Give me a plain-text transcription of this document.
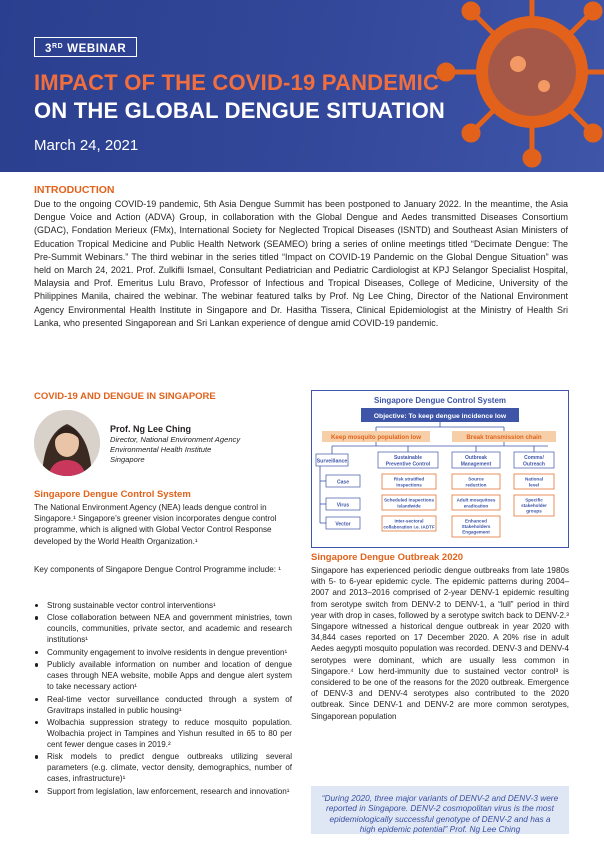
3RD WEBINAR
IMPACT OF THE COVID-19 PANDEMIC
ON THE GLOBAL DENGUE SITUATION
March 24, 2021
INTRODUCTION
Due to the ongoing COVID-19 pandemic, 5th Asia Dengue Summit has been postponed to January 2022. In the meantime, the Asia Dengue Voice and Action (ADVA) Group, in collaboration with the Global Dengue and Aedes transmitted Diseases Consortium (GDAC), Fondation Merieux (FMx), International Society for Neglected Tropical Diseases (ISNTD) and Southeast Asian Ministers of Education Tropical Medicine and Public Health Network (SEAMEO) bring a series of online meetings titled “Decimate Dengue: The Pre-Summit Webinars.” The third webinar in the series titled “Impact on COVID-19 Pandemic on the Global Dengue Situation” was held on March 24, 2021. Prof. Zulkifli Ismael, Consultant Pediatrician and Pediatric Cardiologist at KPJ Selangor Specialist Hospital, Malaysia and Prof. Emeritus Lulu Bravo, Professor of Infectious and Tropical Diseases, College of Medicine, University of the Philippines Manila, chaired the webinar. The webinar featured talks by Prof. Ng Lee Ching, Director of the National Environment Agency Environmental Health Institute in Singapore and Dr. Hasitha Tissera, Clinical Epidemiologist at the Ministry of Health Sri Lanka, who presented Singaporean and Sri Lankan experience of dengue amid COVID-19 pandemic.
COVID-19 AND DENGUE IN SINGAPORE
Prof. Ng Lee Ching
Director, National Environment Agency
Environmental Health Institute
Singapore
Singapore Dengue Control System
The National Environment Agency (NEA) leads dengue control in Singapore.¹ Singapore’s greener vision incorporates dengue control programme, which is aligned with Global Vector Control Response developed by the World Health Organization.¹
Key components of Singapore Dengue Control Programme include: ¹
Strong sustainable vector control interventions¹
Close collaboration between NEA and government ministries, town councils, communities, private sector, and academic and research institutions¹
Community engagement to involve residents in dengue prevention¹
Publicly available information on number and location of dengue cases through NEA website, mobile Apps and dengue alert system to take necessary action¹
Real-time vector surveillance conducted through a system of Gravitraps installed in public housing¹
Wolbachia suppression strategy to reduce mosquito population. Wolbachia project in Tampines and Yishun resulted in 65 to 80 per cent fewer dengue cases in 2019.²
Risk models to predict dengue outbreaks utilizing several parameters (e.g. climate, vector density, demographics, number of cases, infrastructure)¹
Support from legislation, law enforcement, research and innovation¹
Singapore Dengue Control System
Objective: To keep dengue incidence low
Keep mosquito population low	Break transmission chain
Surveillance
Sustainable
Preventive Control
Outbreak
Management
Comms/
Outreach
Case
Virus
Vector
Risk stratified
inspections
Scheduled inspections
islandwide
Inter-sectoral
collaboration i.e. IADTF
Source
reduction
Adult mosquitoes
eradication
Enhanced
Stakeholders
Engagement
National
level
Specific
stakeholder
groups
Singapore Dengue Outbreak 2020
Singapore has experienced periodic dengue outbreaks from late 1980s with 5- to 6-year epidemic cycle. The epidemic patterns during 2004–2007 and 2013–2016 comprised of 2-year DENV-1 epidemic resulting from serotype switch from DENV-2 to DENV-1, a “lull” period in third year with drop in cases, followed by a serotype switch back to DENV-2.³ Singapore witnessed a historical dengue outbreak in year 2020 with 34,844 cases reported on 17 December 2020. A 20% rise in adult Aedes aegypti mosquito population was recorded. DENV-3 and DENV-4 serotypes were dominant, which are usually less common in Singapore.⁴ Low herd-immunity due to sustained vector control³ is considered to be one of the reasons for the 2020 outbreak. Emergence of DENV-3 and DENV-4 serotypes also contributed to the 2020 outbreak. Since DENV-1 and DENV-2 are more common serotypes, Singaporean population
“During 2020, three major variants of DENV-2 and DENV-3 were reported in Singapore. DENV-2 cosmopolitan virus is the most epidemiologically successful genotype of DENV-2 and has a high epidemic potential” Prof. Ng Lee Ching
